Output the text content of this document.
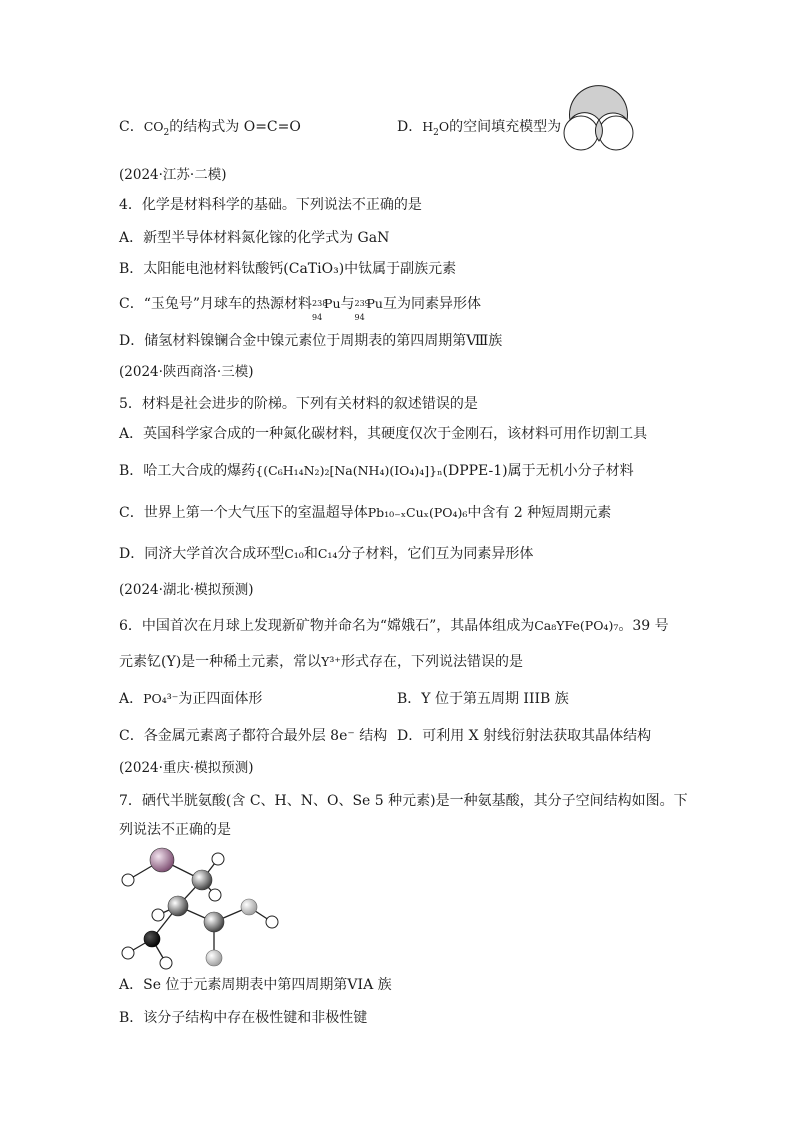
C．$CO_2$的结构式为 O=C=O	D．$H_2O$的空间填充模型为
(2024·江苏·二模)
4．化学是材料科学的基础。下列说法不正确的是
A．新型半导体材料氮化镓的化学式为 GaN
B．太阳能电池材料钛酸钙(CaTiO₃)中钛属于副族元素
C．“玉兔号”月球车的热源材料 238
94
Pu与 239
94
Pu互为同素异形体
D．储氢材料镍镧合金中镍元素位于周期表的第四周期第Ⅷ族
(2024·陕西商洛·三模)
5．材料是社会进步的阶梯。下列有关材料的叙述错误的是
A．英国科学家合成的一种氮化碳材料，其硬度仅次于金刚石，该材料可用作切割工具
B．哈工大合成的爆药{(C₆H₁₄N₂)₂[Na(NH₄)(IO₄)₄]}ₙ(DPPE-1)属于无机小分子材料
C．世界上第一个大气压下的室温超导体Pb₁₀₋ₓCuₓ(PO₄)₆中含有 2 种短周期元素
D．同济大学首次合成环型C₁₀和C₁₄分子材料，它们互为同素异形体
(2024·湖北·模拟预测)
6．中国首次在月球上发现新矿物并命名为“嫦娥石”，其晶体组成为Ca₈YFe(PO₄)₇。39 号
元素钇(Y)是一种稀土元素，常以Y³⁺形式存在，下列说法错误的是
A．PO₄³⁻为正四面体形	B．Y 位于第五周期 IIIB 族
C．各金属元素离子都符合最外层 8e⁻ 结构 D．可利用 X 射线衍射法获取其晶体结构
(2024·重庆·模拟预测)
7．硒代半胱氨酸(含 C、H、N、O、Se 5 种元素)是一种氨基酸，其分子空间结构如图。下
列说法不正确的是
A．Se 位于元素周期表中第四周期第VIA 族
B．该分子结构中存在极性键和非极性键
